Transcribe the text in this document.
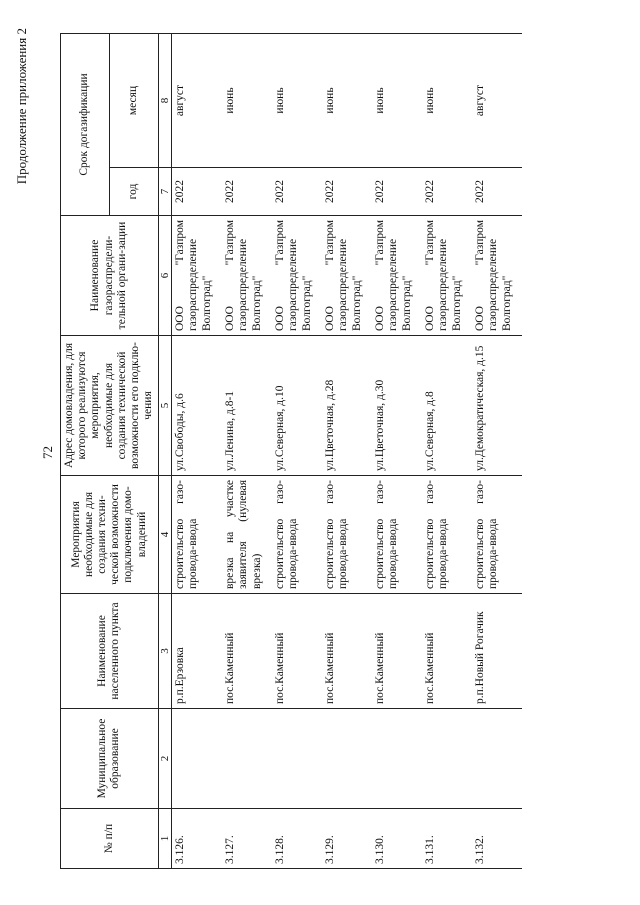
72
Продолжение приложения 2
№ п/п	Муниципальное образование	Наименование населенного пункта	Мероприятия необходимые для создания техни-ческой возможности подключения домо-владений	Адрес домовладения, для которого реализуются мероприятия, необходимые для создания технической возможности его подклю-чения	Наименование газораспредели-тельной органи-зации	Срок догазификации	
						год	месяц
1	2	3	4	5	6	7	8
3.126.		р.п.Ерзовка	строительство газо-провода-ввода	ул.Свободы, д.6	ООО "Газпром газораспределение Волгоград"	2022	август
3.127.		пос.Каменный	врезка на участке заявителя (нулевая врезка)	ул.Ленина, д.8-1	ООО "Газпром газораспределение Волгоград"	2022	июнь
3.128.		пос.Каменный	строительство газо-провода-ввода	ул.Северная, д.10	ООО "Газпром газораспределение Волгоград"	2022	июнь
3.129.		пос.Каменный	строительство газо-провода-ввода	ул.Цветочная, д.28	ООО "Газпром газораспределение Волгоград"	2022	июнь
3.130.		пос.Каменный	строительство газо-провода-ввода	ул.Цветочная, д.30	ООО "Газпром газораспределение Волгоград"	2022	июнь
3.131.		пос.Каменный	строительство газо-провода-ввода	ул.Северная, д.8	ООО "Газпром газораспределение Волгоград"	2022	июнь
3.132.		р.п.Новый Рогачик	строительство газо-провода-ввода	ул.Демократическая, д.15	ООО "Газпром газораспределение Волгоград"	2022	август
